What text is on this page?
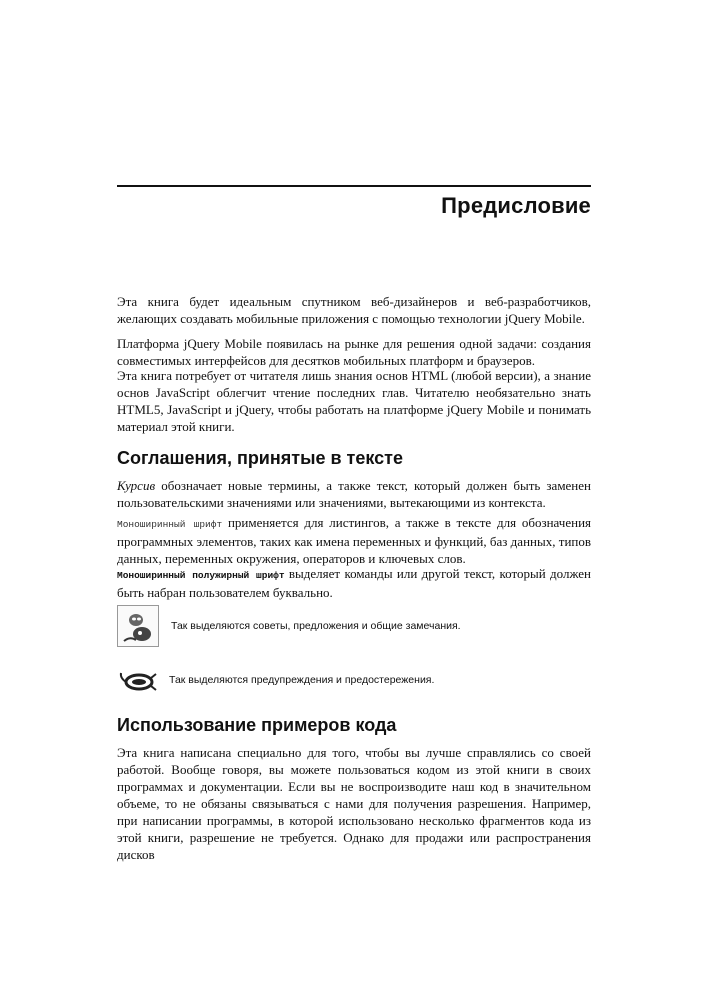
Предисловие

Эта книга будет идеальным спутником веб-дизайнеров и веб-разработчиков, желающих создавать мобильные приложения с помощью технологии jQuery Mobile.

Платформа jQuery Mobile появилась на рынке для решения одной задачи: создания совместимых интерфейсов для десятков мобильных платформ и браузеров.

Эта книга потребует от читателя лишь знания основ HTML (любой версии), а знание основ JavaScript облегчит чтение последних глав. Читателю необязательно знать HTML5, JavaScript и jQuery, чтобы работать на платформе jQuery Mobile и понимать материал этой книги.

Соглашения, принятые в тексте

Курсив обозначает новые термины, а также текст, который должен быть заменен пользовательскими значениями или значениями, вытекающими из контекста.

Моноширинный шрифт применяется для листингов, а также в тексте для обозначения программных элементов, таких как имена переменных и функций, баз данных, типов данных, переменных окружения, операторов и ключевых слов.

Моноширинный полужирный шрифт выделяет команды или другой текст, который должен быть набран пользователем буквально.

Так выделяются советы, предложения и общие замечания.
Так выделяются предупреждения и предостережения.
Использование примеров кода

Эта книга написана специально для того, чтобы вы лучше справлялись со своей работой. Вообще говоря, вы можете пользоваться кодом из этой книги в своих программах и документации. Если вы не воспроизводите наш код в значительном объеме, то не обязаны связываться с нами для получения разрешения. Например, при написании программы, в которой использовано несколько фрагментов кода из этой книги, разрешение не требуется. Однако для продажи или распространения дисков
